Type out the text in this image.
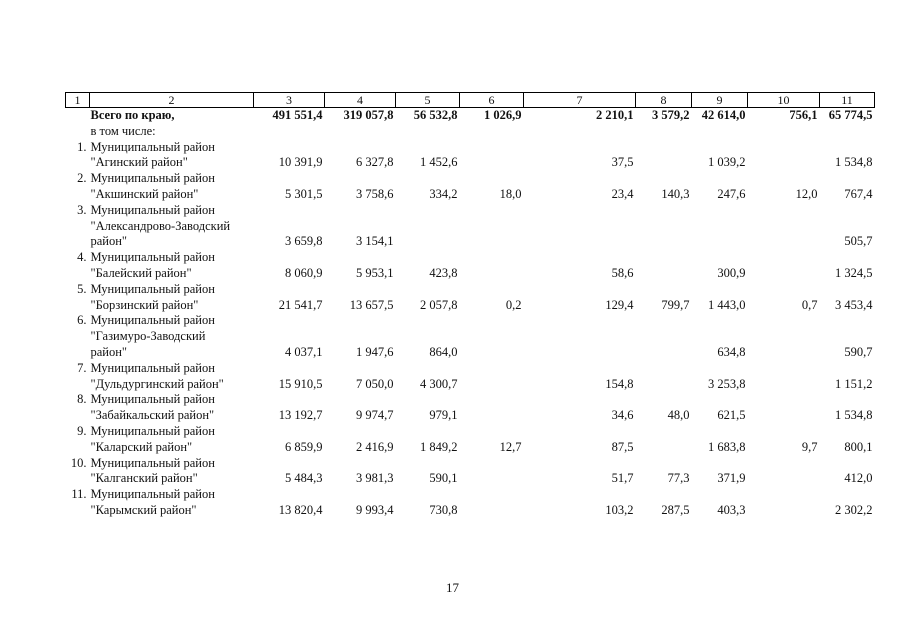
1	2	3	4	5	6	7	8	9	10	11
	Всего по краю,	491 551,4	319 057,8	56 532,8	1 026,9	2 210,1	3 579,2	42 614,0	756,1	65 774,5
	в том числе:									
1.	Муниципальный район									
	"Агинский район"	10 391,9	6 327,8	1 452,6		37,5		1 039,2		1 534,8
2.	Муниципальный район									
	"Акшинский район"	5 301,5	3 758,6	334,2	18,0	23,4	140,3	247,6	12,0	767,4
3.	Муниципальный район									
	"Александрово-Заводский									
	район"	3 659,8	3 154,1							505,7
4.	Муниципальный район									
	"Балейский район"	8 060,9	5 953,1	423,8		58,6		300,9		1 324,5
5.	Муниципальный район									
	"Борзинский район"	21 541,7	13 657,5	2 057,8	0,2	129,4	799,7	1 443,0	0,7	3 453,4
6.	Муниципальный район									
	"Газимуро-Заводский									
	район"	4 037,1	1 947,6	864,0				634,8		590,7
7.	Муниципальный район									
	"Дульдургинский район"	15 910,5	7 050,0	4 300,7		154,8		3 253,8		1 151,2
8.	Муниципальный район									
	"Забайкальский район"	13 192,7	9 974,7	979,1		34,6	48,0	621,5		1 534,8
9.	Муниципальный район									
	"Каларский район"	6 859,9	2 416,9	1 849,2	12,7	87,5		1 683,8	9,7	800,1
10.	Муниципальный район									
	"Калганский район"	5 484,3	3 981,3	590,1		51,7	77,3	371,9		412,0
11.	Муниципальный район									
	"Карымский район"	13 820,4	9 993,4	730,8		103,2	287,5	403,3		2 302,2
17
